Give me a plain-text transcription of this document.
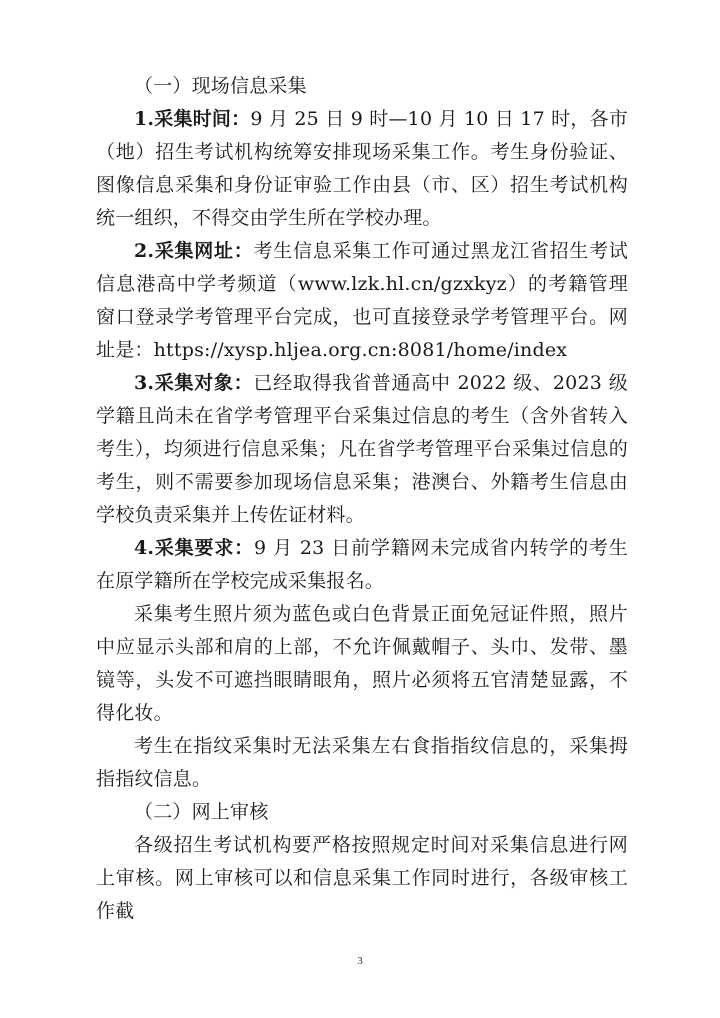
（一）现场信息采集

1.采集时间：9 月 25 日 9 时—10 月 10 日 17 时，各市（地）招生考试机构统筹安排现场采集工作。考生身份验证、图像信息采集和身份证审验工作由县（市、区）招生考试机构统一组织，不得交由学生所在学校办理。

2.采集网址：考生信息采集工作可通过黑龙江省招生考试信息港高中学考频道（www.lzk.hl.cn/gzxkyz）的考籍管理窗口登录学考管理平台完成，也可直接登录学考管理平台。网址是：https://xysp.hljea.org.cn:8081/home/index

3.采集对象：已经取得我省普通高中 2022 级、2023 级学籍且尚未在省学考管理平台采集过信息的考生（含外省转入考生），均须进行信息采集；凡在省学考管理平台采集过信息的考生，则不需要参加现场信息采集；港澳台、外籍考生信息由学校负责采集并上传佐证材料。

4.采集要求：9 月 23 日前学籍网未完成省内转学的考生在原学籍所在学校完成采集报名。

采集考生照片须为蓝色或白色背景正面免冠证件照，照片中应显示头部和肩的上部，不允许佩戴帽子、头巾、发带、墨镜等，头发不可遮挡眼睛眼角，照片必须将五官清楚显露，不得化妆。

考生在指纹采集时无法采集左右食指指纹信息的，采集拇指指纹信息。

（二）网上审核

各级招生考试机构要严格按照规定时间对采集信息进行网上审核。网上审核可以和信息采集工作同时进行，各级审核工作截

3
